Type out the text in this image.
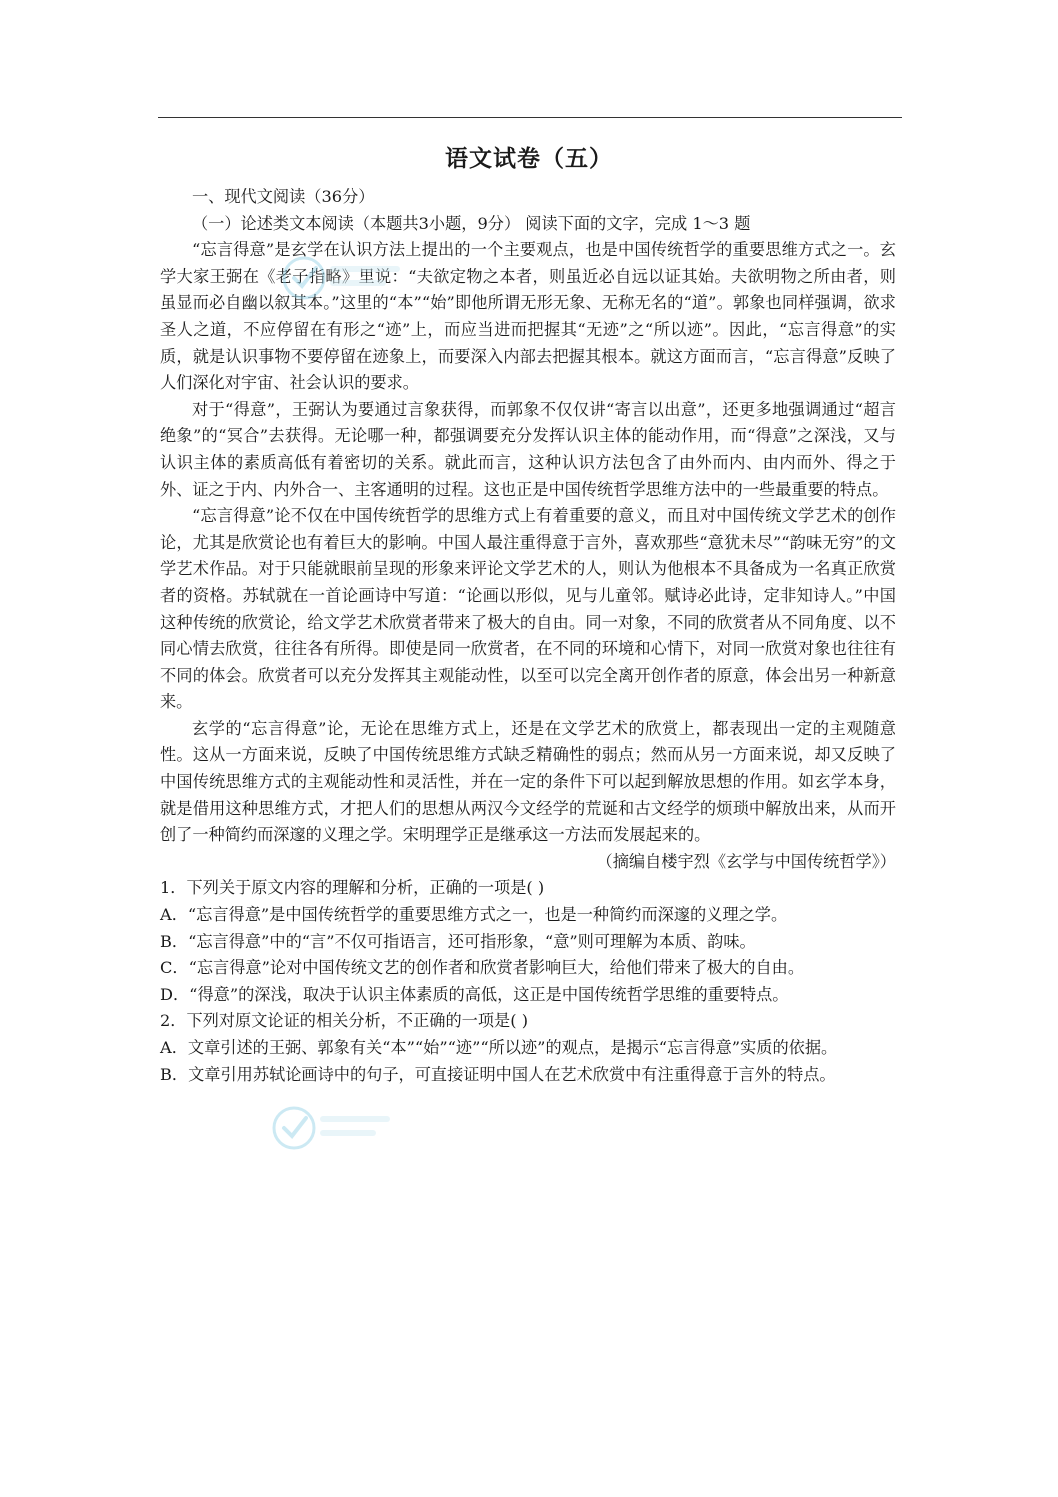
语文试卷（五）

一、现代文阅读（36分）

（一）论述类文本阅读（本题共3小题，9分） 阅读下面的文字，完成 1～3 题

“忘言得意”是玄学在认识方法上提出的一个主要观点，也是中国传统哲学的重要思维方式之一。玄学大家王弼在《老子指略》里说：“夫欲定物之本者，则虽近必自远以证其始。夫欲明物之所由者，则虽显而必自幽以叙其本。”这里的“本”“始”即他所谓无形无象、无称无名的“道”。郭象也同样强调，欲求圣人之道，不应停留在有形之“迹”上，而应当进而把握其“无迹”之“所以迹”。因此，“忘言得意”的实质，就是认识事物不要停留在迹象上，而要深入内部去把握其根本。就这方面而言，“忘言得意”反映了人们深化对宇宙、社会认识的要求。

对于“得意”，王弼认为要通过言象获得，而郭象不仅仅讲“寄言以出意”，还更多地强调通过“超言绝象”的“冥合”去获得。无论哪一种，都强调要充分发挥认识主体的能动作用，而“得意”之深浅，又与认识主体的素质高低有着密切的关系。就此而言，这种认识方法包含了由外而内、由内而外、得之于外、证之于内、内外合一、主客通明的过程。这也正是中国传统哲学思维方法中的一些最重要的特点。

“忘言得意”论不仅在中国传统哲学的思维方式上有着重要的意义，而且对中国传统文学艺术的创作论，尤其是欣赏论也有着巨大的影响。中国人最注重得意于言外，喜欢那些“意犹未尽”“韵味无穷”的文学艺术作品。对于只能就眼前呈现的形象来评论文学艺术的人，则认为他根本不具备成为一名真正欣赏者的资格。苏轼就在一首论画诗中写道：“论画以形似，见与儿童邻。赋诗必此诗，定非知诗人。”中国这种传统的欣赏论，给文学艺术欣赏者带来了极大的自由。同一对象，不同的欣赏者从不同角度、以不同心情去欣赏，往往各有所得。即使是同一欣赏者，在不同的环境和心情下，对同一欣赏对象也往往有不同的体会。欣赏者可以充分发挥其主观能动性，以至可以完全离开创作者的原意，体会出另一种新意来。

玄学的“忘言得意”论，无论在思维方式上，还是在文学艺术的欣赏上，都表现出一定的主观随意性。这从一方面来说，反映了中国传统思维方式缺乏精确性的弱点；然而从另一方面来说，却又反映了中国传统思维方式的主观能动性和灵活性，并在一定的条件下可以起到解放思想的作用。如玄学本身，就是借用这种思维方式，才把人们的思想从两汉今文经学的荒诞和古文经学的烦琐中解放出来，从而开创了一种简约而深邃的义理之学。宋明理学正是继承这一方法而发展起来的。

（摘编自楼宇烈《玄学与中国传统哲学》）

1．下列关于原文内容的理解和分析，正确的一项是( )

A．“忘言得意”是中国传统哲学的重要思维方式之一，也是一种简约而深邃的义理之学。

B．“忘言得意”中的“言”不仅可指语言，还可指形象，“意”则可理解为本质、韵味。

C．“忘言得意”论对中国传统文艺的创作者和欣赏者影响巨大，给他们带来了极大的自由。

D．“得意”的深浅，取决于认识主体素质的高低，这正是中国传统哲学思维的重要特点。

2．下列对原文论证的相关分析，不正确的一项是( )

A．文章引述的王弼、郭象有关“本”“始”“迹”“所以迹”的观点，是揭示“忘言得意”实质的依据。

B．文章引用苏轼论画诗中的句子，可直接证明中国人在艺术欣赏中有注重得意于言外的特点。
